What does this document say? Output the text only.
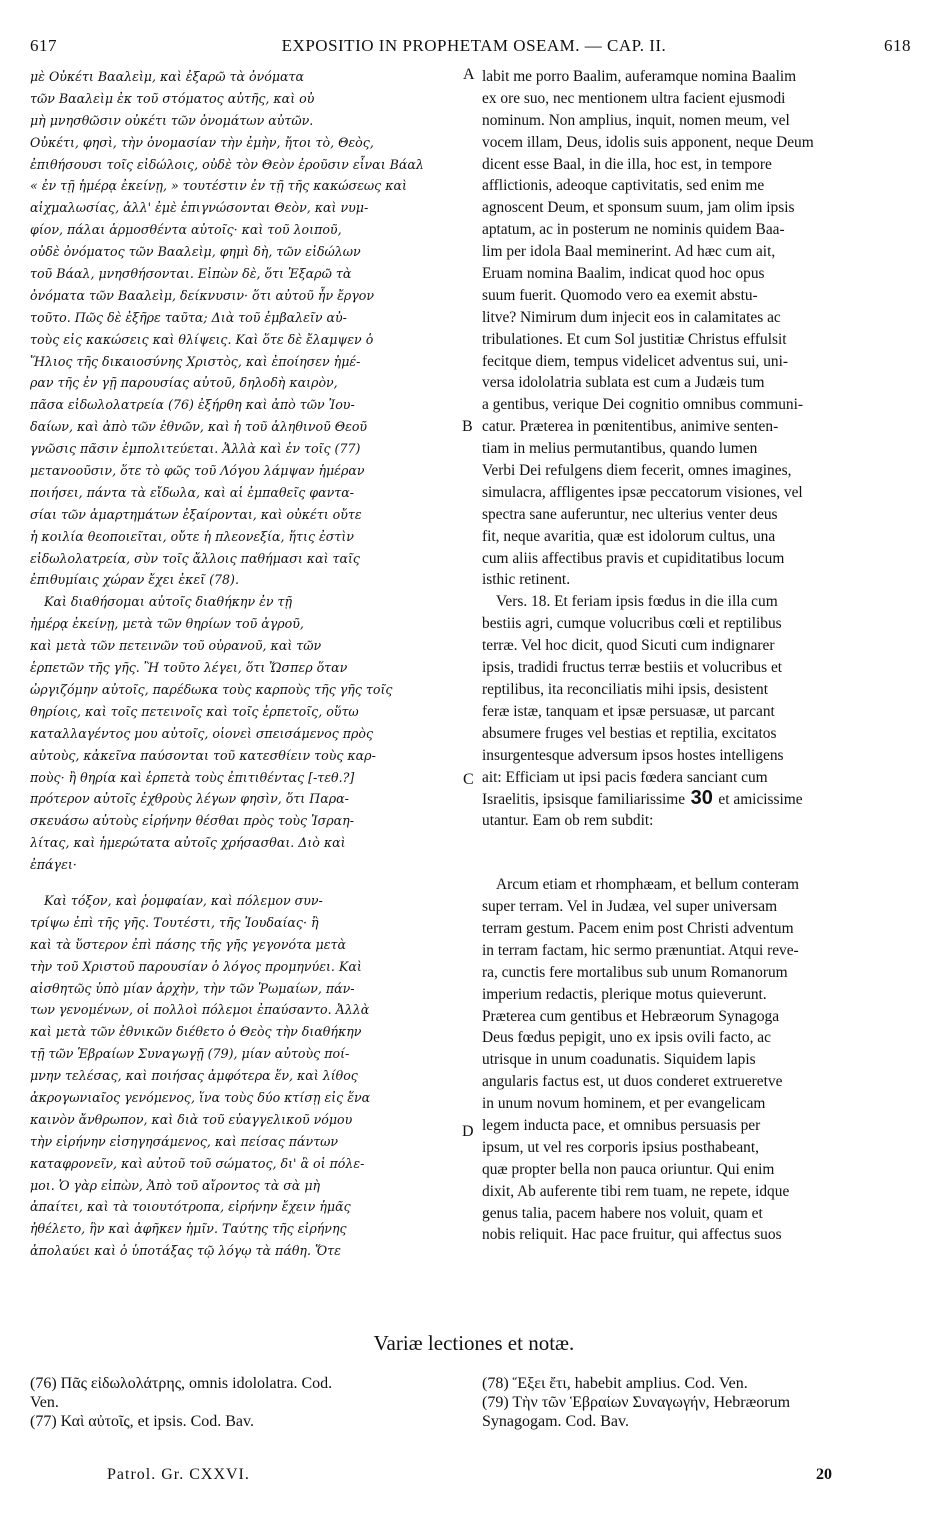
617	EXPOSITIO IN PROPHETAM OSEAM. — CAP. II.	618
μὲ Οὐκέτι Βααλεὶμ, καὶ ἐξαρῶ τὰ ὀνόματα
τῶν Βααλεὶμ ἐκ τοῦ στόματος αὐτῆς, καὶ οὐ
μὴ μνησθῶσιν οὐκέτι τῶν ὀνομάτων αὐτῶν.
Οὐκέτι, φησὶ, τὴν ὀνομασίαν τὴν ἐμὴν, ἤτοι τὸ, Θεὸς,
ἐπιθήσουσι τοῖς εἰδώλοις, οὐδὲ τὸν Θεὸν ἐροῦσιν εἶναι Βάαλ
« ἐν τῇ ἡμέρᾳ ἐκείνῃ, » τουτέστιν ἐν τῇ τῆς κακώσεως καὶ
αἰχμαλωσίας, ἀλλ' ἐμὲ ἐπιγνώσονται Θεὸν, καὶ νυμ-
φίον, πάλαι ἁρμοσθέντα αὐτοῖς· καὶ τοῦ λοιποῦ,
οὐδὲ ὀνόματος τῶν Βααλεὶμ, φημὶ δὴ, τῶν εἰδώλων
τοῦ Βάαλ, μνησθήσονται. Εἰπὼν δὲ, ὅτι Ἐξαρῶ τὰ
ὀνόματα τῶν Βααλεὶμ, δείκνυσιν· ὅτι αὐτοῦ ἦν ἔργον
τοῦτο. Πῶς δὲ ἐξῆρε ταῦτα; Διὰ τοῦ ἐμβαλεῖν αὐ-
τοὺς εἰς κακώσεις καὶ θλίψεις. Καὶ ὅτε δὲ ἔλαμψεν ὁ
Ἥλιος τῆς δικαιοσύνης Χριστὸς, καὶ ἐποίησεν ἡμέ-
ραν τῆς ἐν γῇ παρουσίας αὐτοῦ, δηλοδὴ καιρὸν,
πᾶσα εἰδωλολατρεία (76) ἐξήρθη καὶ ἀπὸ τῶν Ἰου-
δαίων, καὶ ἀπὸ τῶν ἐθνῶν, καὶ ἡ τοῦ ἀληθινοῦ Θεοῦ
γνῶσις πᾶσιν ἐμπολιτεύεται. Ἀλλὰ καὶ ἐν τοῖς (77)
μετανοοῦσιν, ὅτε τὸ φῶς τοῦ Λόγου λάμψαν ἡμέραν
ποιήσει, πάντα τὰ εἴδωλα, καὶ αἱ ἐμπαθεῖς φαντα-
σίαι τῶν ἁμαρτημάτων ἐξαίρονται, καὶ οὐκέτι οὔτε
ἡ κοιλία θεοποιεῖται, οὔτε ἡ πλεονεξία, ἥτις ἐστὶν
εἰδωλολατρεία, σὺν τοῖς ἄλλοις παθήμασι καὶ ταῖς
ἐπιθυμίαις χώραν ἔχει ἐκεῖ (78).
Καὶ διαθήσομαι αὐτοῖς διαθήκην ἐν τῇ
ἡμέρᾳ ἐκείνῃ, μετὰ τῶν θηρίων τοῦ ἀγροῦ,
καὶ μετὰ τῶν πετεινῶν τοῦ οὐρανοῦ, καὶ τῶν
ἑρπετῶν τῆς γῆς. Ἢ τοῦτο λέγει, ὅτι Ὥσπερ ὅταν
ὠργιζόμην αὐτοῖς, παρέδωκα τοὺς καρποὺς τῆς γῆς τοῖς
θηρίοις, καὶ τοῖς πετεινοῖς καὶ τοῖς ἑρπετοῖς, οὕτω
καταλλαγέντος μου αὐτοῖς, οἱονεὶ σπεισάμενος πρὸς
αὐτοὺς, κἀκεῖνα παύσονται τοῦ κατεσθίειν τοὺς καρ-
ποὺς· ἢ θηρία καὶ ἑρπετὰ τοὺς ἐπιτιθέντας [-τεθ.?]
πρότερον αὐτοῖς ἐχθροὺς λέγων φησὶν, ὅτι Παρα-
σκευάσω αὐτοὺς εἰρήνην θέσθαι πρὸς τοὺς Ἰσραη-
λίτας, καὶ ἡμερώτατα αὐτοῖς χρήσασθαι. Διὸ καὶ
ἐπάγει·
Καὶ τόξον, καὶ ῥομφαίαν, καὶ πόλεμον συν-
τρίψω ἐπὶ τῆς γῆς. Τουτέστι, τῆς Ἰουδαίας· ἢ
καὶ τὰ ὕστερον ἐπὶ πάσης τῆς γῆς γεγονότα μετὰ
τὴν τοῦ Χριστοῦ παρουσίαν ὁ λόγος προμηνύει. Καὶ
αἰσθητῶς ὑπὸ μίαν ἀρχὴν, τὴν τῶν Ῥωμαίων, πάν-
των γενομένων, οἱ πολλοὶ πόλεμοι ἐπαύσαντο. Ἀλλὰ
καὶ μετὰ τῶν ἐθνικῶν διέθετο ὁ Θεὸς τὴν διαθήκην
τῇ τῶν Ἑβραίων Συναγωγῇ (79), μίαν αὐτοὺς ποί-
μνην τελέσας, καὶ ποιήσας ἀμφότερα ἕν, καὶ λίθος
ἀκρογωνιαῖος γενόμενος, ἵνα τοὺς δύο κτίσῃ εἰς ἕνα
καινὸν ἄνθρωπον, καὶ διὰ τοῦ εὐαγγελικοῦ νόμου
τὴν εἰρήνην εἰσηγησάμενος, καὶ πείσας πάντων
καταφρονεῖν, καὶ αὐτοῦ τοῦ σώματος, δι' ἃ οἱ πόλε-
μοι. Ὁ γὰρ εἰπὼν, Ἀπὸ τοῦ αἴροντος τὰ σὰ μὴ
ἀπαίτει, καὶ τὰ τοιουτότροπα, εἰρήνην ἔχειν ἡμᾶς
ἠθέλετο, ἣν καὶ ἀφῆκεν ἡμῖν. Ταύτης τῆς εἰρήνης
ἀπολαύει καὶ ὁ ὑποτάξας τῷ λόγῳ τὰ πάθη. Ὅτε
labit me porro Baalim, auferamque nomina Baalim
ex ore suo, nec mentionem ultra facient ejusmodi
nominum. Non amplius, inquit, nomen meum, vel
vocem illam, Deus, idolis suis apponent, neque Deum
dicent esse Baal, in die illa, hoc est, in tempore
afflictionis, adeoque captivitatis, sed enim me
agnoscent Deum, et sponsum suum, jam olim ipsis
aptatum, ac in posterum ne nominis quidem Baa-
lim per idola Baal meminerint. Ad hæc cum ait,
Eruam nomina Baalim, indicat quod hoc opus
suum fuerit. Quomodo vero ea exemit abstu-
litve? Nimirum dum injecit eos in calamitates ac
tribulationes. Et cum Sol justitiæ Christus effulsit
fecitque diem, tempus videlicet adventus sui, uni-
versa idololatria sublata est cum a Judæis tum
a gentibus, verique Dei cognitio omnibus communi-
catur. Præterea in pœnitentibus, animive senten-
tiam in melius permutantibus, quando lumen
Verbi Dei refulgens diem fecerit, omnes imagines,
simulacra, affligentes ipsæ peccatorum visiones, vel
spectra sane auferuntur, nec ulterius venter deus
fit, neque avaritia, quæ est idolorum cultus, una
cum aliis affectibus pravis et cupiditatibus locum
isthic retinent.
Vers. 18. Et feriam ipsis fœdus in die illa cum
bestiis agri, cumque volucribus cœli et reptilibus
terræ. Vel hoc dicit, quod Sicuti cum indignarer
ipsis, tradidi fructus terræ bestiis et volucribus et
reptilibus, ita reconciliatis mihi ipsis, desistent
feræ istæ, tanquam et ipsæ persuasæ, ut parcant
absumere fruges vel bestias et reptilia, excitatos
insurgentesque adversum ipsos hostes intelligens
ait: Efficiam ut ipsi pacis fœdera sanciant cum
Israelitis, ipsisque familiarissime 30 et amicissime
utantur. Eam ob rem subdit:
Arcum etiam et rhomphæam, et bellum conteram
super terram. Vel in Judæa, vel super universam
terram gestum. Pacem enim post Christi adventum
in terram factam, hic sermo prænuntiat. Atqui reve-
ra, cunctis fere mortalibus sub unum Romanorum
imperium redactis, plerique motus quieverunt.
Præterea cum gentibus et Hebræorum Synagoga
Deus fœdus pepigit, uno ex ipsis ovili facto, ac
utrisque in unum coadunatis. Siquidem lapis
angularis factus est, ut duos conderet extrueretve
in unum novum hominem, et per evangelicam
legem inducta pace, et omnibus persuasis per
ipsum, ut vel res corporis ipsius posthabeant,
quæ propter bella non pauca oriuntur. Qui enim
dixit, Ab auferente tibi rem tuam, ne repete, idque
genus talia, pacem habere nos voluit, quam et
nobis reliquit. Hac pace fruitur, qui affectus suos
A
B
C
D
Variæ lectiones et notæ.
(76) Πᾶς εἰδωλολάτρης, omnis idololatra. Cod.
Ven.
(77) Καὶ αὐτοῖς, et ipsis. Cod. Bav.
(78) Ἕξει ἔτι, habebit amplius. Cod. Ven.
(79) Τὴν τῶν Ἑβραίων Συναγωγήν, Hebræorum
Synagogam. Cod. Bav.
Patrol. Gr. CXXVI.	20
